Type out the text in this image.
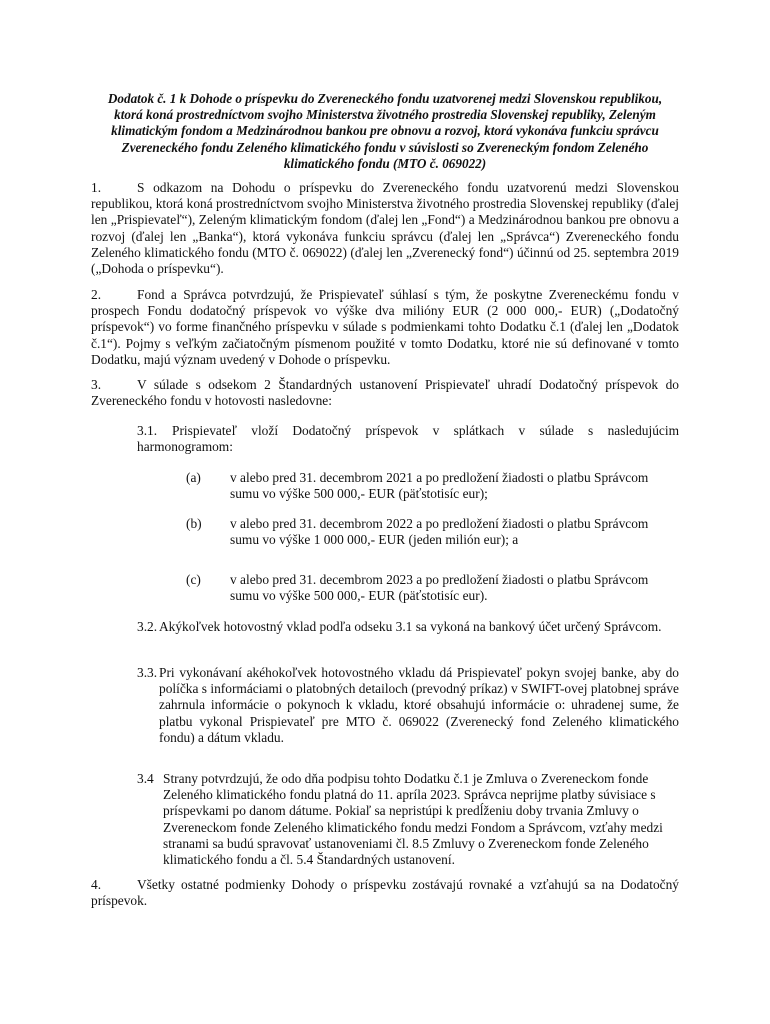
Dodatok č. 1 k Dohode o príspevku do Zvereneckého fondu uzatvorenej medzi Slovenskou republikou, ktorá koná prostredníctvom svojho Ministerstva životného prostredia Slovenskej republiky, Zeleným klimatickým fondom a Medzinárodnou bankou pre obnovu a rozvoj, ktorá vykonáva funkciu správcu Zvereneckého fondu Zeleného klimatického fondu v súvislosti so Zvereneckým fondom Zeleného klimatického fondu (MTO č. 069022)
1.	S odkazom na Dohodu o príspevku do Zvereneckého fondu uzatvorenú medzi Slovenskou republikou, ktorá koná prostredníctvom svojho Ministerstva životného prostredia Slovenskej republiky (ďalej len „Prispievateľ“), Zeleným klimatickým fondom (ďalej len „Fond“) a Medzinárodnou bankou pre obnovu a rozvoj (ďalej len „Banka“), ktorá vykonáva funkciu správcu (ďalej len „Správca“) Zvereneckého fondu Zeleného klimatického fondu (MTO č. 069022) (ďalej len „Zverenecký fond“) účinnú od 25. septembra 2019 („Dohoda o príspevku“).
2.	Fond a Správca potvrdzujú, že Prispievateľ súhlasí s tým, že poskytne Zvereneckému fondu v prospech Fondu dodatočný príspevok vo výške dva milióny EUR (2 000 000,- EUR) („Dodatočný príspevok“) vo forme finančného príspevku v súlade s podmienkami tohto Dodatku č.1 (ďalej len „Dodatok č.1“). Pojmy s veľkým začiatočným písmenom použité v tomto Dodatku, ktoré nie sú definované v tomto Dodatku, majú význam uvedený v Dohode o príspevku.
3.	V súlade s odsekom 2 Štandardných ustanovení Prispievateľ uhradí Dodatočný príspevok do Zvereneckého fondu v hotovosti nasledovne:
3.1. Prispievateľ vloží Dodatočný príspevok v splátkach v súlade s nasledujúcim harmonogramom:
(a) v alebo pred 31. decembrom 2021 a po predložení žiadosti o platbu Správcom sumu vo výške 500 000,- EUR (päťstotisíc eur);
(b) v alebo pred 31. decembrom 2022 a po predložení žiadosti o platbu Správcom sumu vo výške 1 000 000,- EUR (jeden milión eur); a
(c) v alebo pred 31. decembrom 2023 a po predložení žiadosti o platbu Správcom sumu vo výške 500 000,- EUR (päťstotisíc eur).
3.2. Akýkoľvek hotovostný vklad podľa odseku 3.1 sa vykoná na bankový účet určený Správcom.
3.3. Pri vykonávaní akéhokoľvek hotovostného vkladu dá Prispievateľ pokyn svojej banke, aby do políčka s informáciami o platobných detailoch (prevodný príkaz) v SWIFT-ovej platobnej správe zahrnula informácie o pokynoch k vkladu, ktoré obsahujú informácie o: uhradenej sume, že platbu vykonal Prispievateľ pre MTO č. 069022 (Zverenecký fond Zeleného klimatického fondu) a dátum vkladu.
3.4 Strany potvrdzujú, že odo dňa podpisu tohto Dodatku č.1 je Zmluva o Zvereneckom fonde Zeleného klimatického fondu platná do 11. apríla 2023. Správca neprijme platby súvisiace s príspevkami po danom dátume. Pokiaľ sa nepristúpi k predĺženiu doby trvania Zmluvy o Zvereneckom fonde Zeleného klimatického fondu medzi Fondom a Správcom, vzťahy medzi stranami sa budú spravovať ustanoveniami čl. 8.5 Zmluvy o Zvereneckom fonde Zeleného klimatického fondu a čl. 5.4 Štandardných ustanovení.
4.	Všetky ostatné podmienky Dohody o príspevku zostávajú rovnaké a vzťahujú sa na Dodatočný príspevok.
